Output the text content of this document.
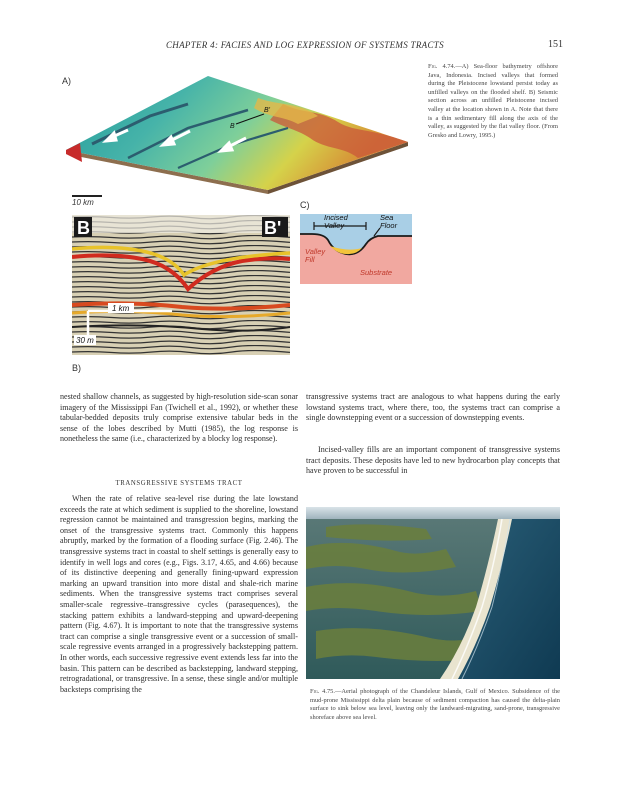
CHAPTER 4: FACIES AND LOG EXPRESSION OF SYSTEMS TRACTS	151
A)
B
B'
10 km
Fig. 4.74.—A) Sea-floor bathymetry offshore Java, Indonesia. Incised valleys that formed during the Pleistocene lowstand persist today as unfilled valleys on the flooded shelf. B) Seismic section across an unfilled Pleistocene incised valley at the location shown in A. Note that there is a thin sedimentary fill along the axis of the valley, as suggested by the flat valley floor. (From Gresko and Lowry, 1995.)
1 km
30 m
B	B'
B)
C)
Incised Valley
Sea Floor
Valley Fill
Substrate

nested shallow channels, as suggested by high-resolution side-scan sonar imagery of the Mississippi Fan (Twichell et al., 1992), or whether these tabular-bedded deposits truly comprise extensive tabular beds in the sense of the lobes described by Mutti (1985), the log response is nonetheless the same (i.e., characterized by a blocky log response).

TRANSGRESSIVE SYSTEMS TRACT

When the rate of relative sea-level rise during the late lowstand exceeds the rate at which sediment is supplied to the shoreline, lowstand regression cannot be maintained and transgression begins, marking the onset of the transgressive systems tract. Commonly this happens abruptly, marked by the formation of a flooding surface (Fig. 2.46). The transgressive systems tract in coastal to shelf settings is generally easy to identify in well logs and cores (e.g., Figs. 3.17, 4.65, and 4.66) because of its distinctive deepening and generally fining-upward expression marking an upward transition into more distal and shale-rich marine sediments. When the transgressive systems tract comprises several smaller-scale regressive–transgressive cycles (parasequences), the stacking pattern exhibits a landward-stepping and upward-deepening pattern (Fig. 4.67). It is important to note that the transgressive systems tract can comprise a single transgressive event or a succession of small-scale regressive events arranged in a progressively backstepping pattern. In other words, each successive regressive event extends less far into the basin. This pattern can be described as backstepping, landward stepping, retrogradational, or transgressive. In a sense, these single and/or multiple backsteps comprising the

transgressive systems tract are analogous to what happens during the early lowstand systems tract, where there, too, the systems tract can comprise a single downstepping event or a succession of downstepping events.

Incised-valley fills are an important component of transgressive systems tract deposits. These deposits have led to new hydrocarbon play concepts that have proven to be successful in

Fig. 4.75.—Aerial photograph of the Chandeleur Islands, Gulf of Mexico. Subsidence of the mud-prone Mississippi delta plain because of sediment compaction has caused the delta-plain surface to sink below sea level, leaving only the landward-migrating, sand-prone, transgressive shoreface above sea level.
